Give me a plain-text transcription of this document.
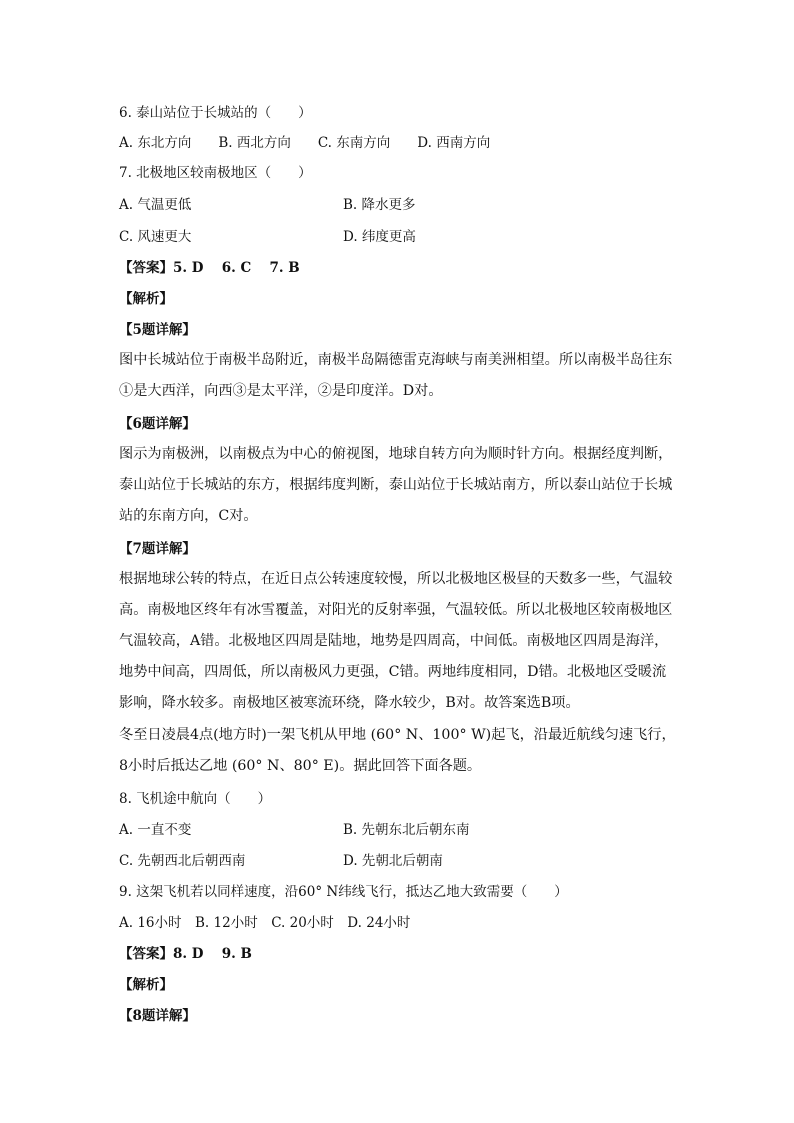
6. 泰山站位于长城站的（　　）
A. 东北方向　　B. 西北方向　　C. 东南方向　　D. 西南方向
7. 北极地区较南极地区（　　）
A. 气温更低	B. 降水更多
C. 风速更大	D. 纬度更高
【答案】5. D　 6. C　 7. B
【解析】
【5题详解】
图中长城站位于南极半岛附近，南极半岛隔德雷克海峡与南美洲相望。所以南极半岛往东①是大西洋，向西③是太平洋，②是印度洋。D对。
【6题详解】
图示为南极洲，以南极点为中心的俯视图，地球自转方向为顺时针方向。根据经度判断，泰山站位于长城站的东方，根据纬度判断，泰山站位于长城站南方，所以泰山站位于长城站的东南方向，C对。
【7题详解】
根据地球公转的特点，在近日点公转速度较慢，所以北极地区极昼的天数多一些，气温较高。南极地区终年有冰雪覆盖，对阳光的反射率强，气温较低。所以北极地区较南极地区气温较高，A错。北极地区四周是陆地，地势是四周高，中间低。南极地区四周是海洋，地势中间高，四周低，所以南极风力更强，C错。两地纬度相同，D错。北极地区受暖流影响，降水较多。南极地区被寒流环绕，降水较少，B对。故答案选B项。
冬至日凌晨4点(地方时)一架飞机从甲地 (60° N、100° W)起飞，沿最近航线匀速飞行，8小时后抵达乙地 (60° N、80° E)。据此回答下面各题。
8. 飞机途中航向（　　）
A. 一直不变	B. 先朝东北后朝东南
C. 先朝西北后朝西南	D. 先朝北后朝南
9. 这架飞机若以同样速度，沿60° N纬线飞行，抵达乙地大致需要（　　）
A. 16小时　B. 12小时　C. 20小时　D. 24小时
【答案】8. D　 9. B
【解析】
【8题详解】
